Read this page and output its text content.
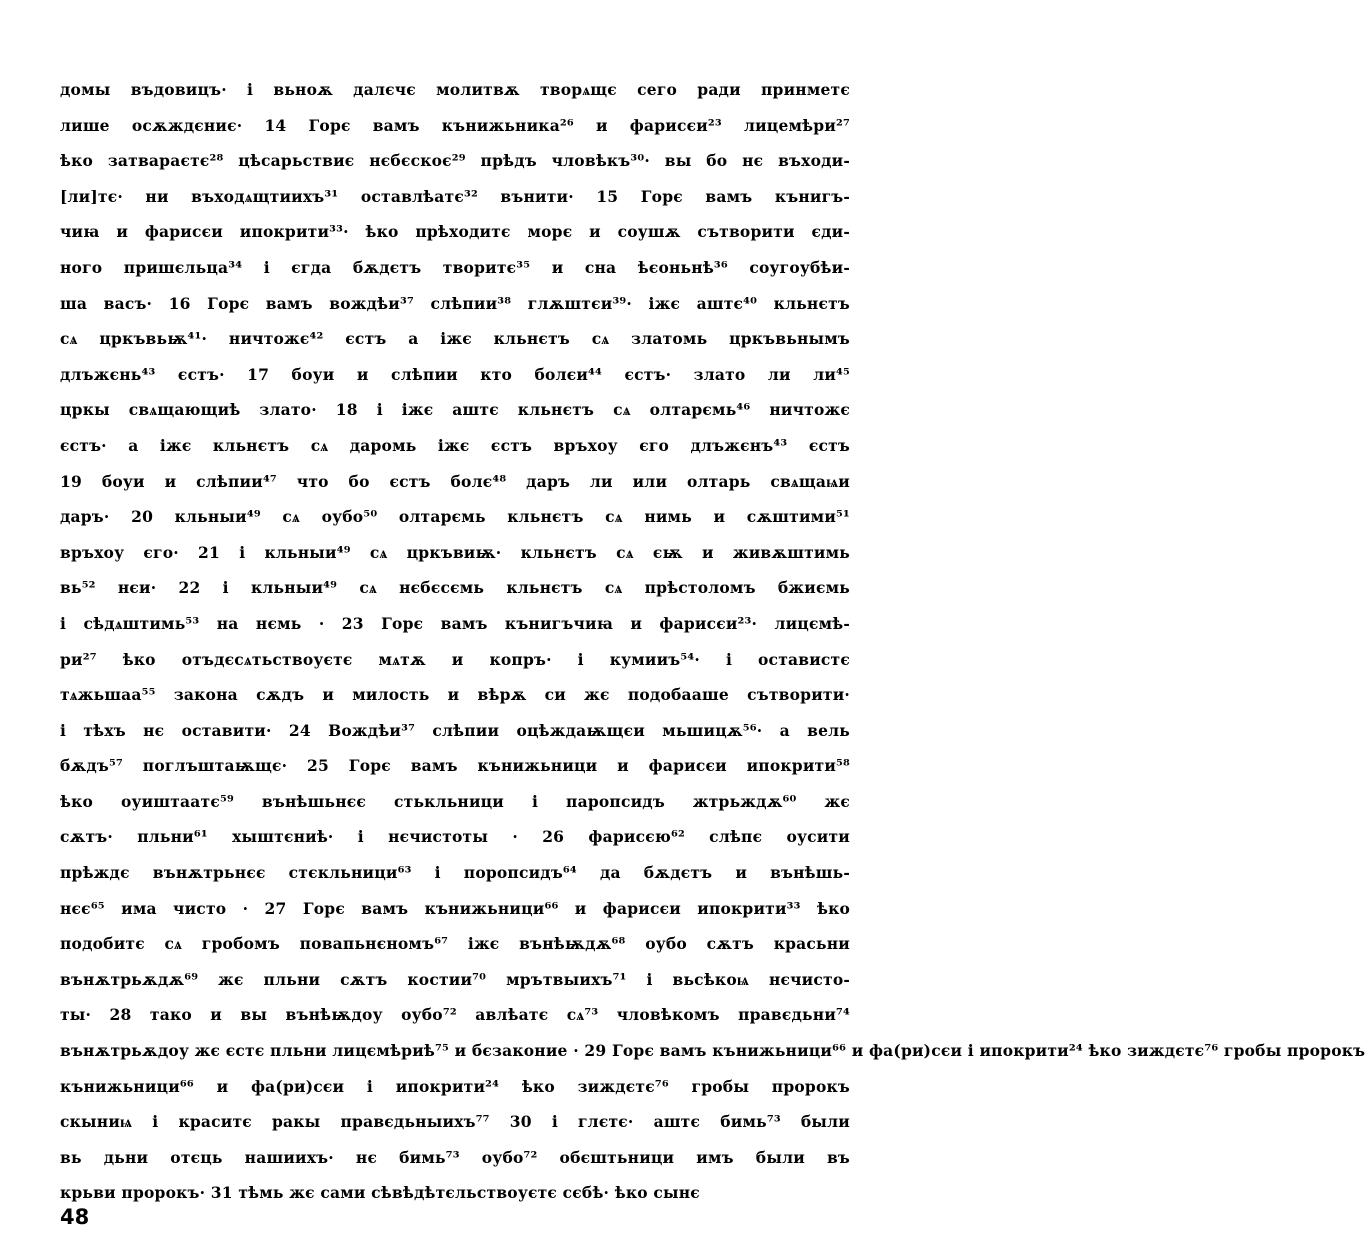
домы въдовицъ· і вьноѫ далєчє молитвѫ творѧщє сего ради принметє
лише осѫждєниє· 14 Горє вамъ кънижьника²⁶ и фарисєи²³ лицемѣри²⁷
ѣко затвараєтє²⁸ цѣсарьствиє нєбєскоє²⁹ прѣдъ чловѣкъ³⁰· вы бо нє въходи-
[ли]тє· ни въходѧщтиихъ³¹ оставлѣатє³² вънити· 15 Горє вамъ кънигъ-
чиꙗ и фарисєи ипокрити³³· ѣко прѣходитє морє и соушѫ сътворити єди-
ного пришєльца³⁴ і єгда бѫдєтъ творитє³⁵ и сна ѣєоньнѣ³⁶ соугоубѣи-
ша васъ· 16 Горє вамъ вождѣи³⁷ слѣпии³⁸ глѫштєи³⁹· іжє аштє⁴⁰ кльнєтъ
сѧ цркъвьѭ⁴¹· ничтожє⁴² єстъ а іжє кльнєтъ сѧ златомь цркъвьнымъ
длъжєнь⁴³ єстъ· 17 боуи и слѣпии кто болєи⁴⁴ єстъ· злато ли ли⁴⁵
цркы свѧщающиѣ злато· 18 і іжє аштє кльнєтъ сѧ олтарємь⁴⁶ ничтожє
єстъ· а іжє кльнєтъ сѧ даромь іжє єстъ връхоу єго длъжєнъ⁴³ єстъ
19 боуи и слѣпии⁴⁷ что бо єстъ болє⁴⁸ даръ ли или олтарь свѧщаѩи
даръ· 20 кльныи⁴⁹ сѧ оубо⁵⁰ олтарємь кльнєтъ сѧ нимь и сѫштими⁵¹
връхоу єго· 21 і кльныи⁴⁹ сѧ цркъвиѭ· кльнєтъ сѧ єѭ и живѫштимь
вь⁵² нєи· 22 і кльныи⁴⁹ сѧ нєбєсємь кльнєтъ сѧ прѣстоломъ бжиємь
і сѣдѧштимь⁵³ на нємь · 23 Горє вамъ кънигъчиꙗ и фарисєи²³· лицємѣ-
ри²⁷ ѣко отъдєсѧтьствоуєтє мѧтѫ и копръ· і кумииъ⁵⁴· і оставистє
тѧжьшаа⁵⁵ закона сѫдъ и милость и вѣрѫ си жє подобааше сътворити·
і тѣхъ нє оставити· 24 Вождѣи³⁷ слѣпии оцѣждаѭщєи мьшицѫ⁵⁶· а вель
бѫдъ⁵⁷ поглъштаѭщє· 25 Горє вамъ кънижьници и фарисєи ипокрити⁵⁸
ѣко оуиштаатє⁵⁹ вънѣшьнєє стькльници і паропсидъ жтрьждѫ⁶⁰ жє
сѫтъ· пльни⁶¹ хыштєниѣ· і нєчистоты · 26 фарисєю⁶² слѣпє оусити
прѣждє вънѫтрьнєє стєкльници⁶³ і поропсидъ⁶⁴ да бѫдєтъ и вънѣшь-
нєє⁶⁵ има чисто · 27 Горє вамъ кънижьници⁶⁶ и фарисєи ипокрити³³ ѣко
подобитє сѧ гробомъ повапьнєномъ⁶⁷ іжє вънѣѭдѫ⁶⁸ оубо сѫтъ красьни
вънѫтрьѫдѫ⁶⁹ жє пльни сѫтъ костии⁷⁰ мрътвыихъ⁷¹ і вьсѣкоѩ нєчисто-
ты· 28 тако и вы вънѣѭдоу оубо⁷² авлѣатє сѧ⁷³ чловѣкомъ правєдьни⁷⁴
вънѫтрьѫдоу жє єстє пльни лицємѣриѣ⁷⁵ и бєзаконие · 29 Горє вамъ кънижьници⁶⁶ и фа(ри)сєи і ипокрити²⁴ ѣко зиждєтє⁷⁶ гробы пророкъ
кънижьници⁶⁶ и фа(ри)сєи і ипокрити²⁴ ѣко зиждєтє⁷⁶ гробы пророкъ
скыниѩ і краситє ракы правєдьныихъ⁷⁷ 30 і глєтє· аштє бимь⁷³ были
вь дьни отєць нашиихъ· нє бимь⁷³ оубо⁷² обєштьници имъ были въ
крьви пророкъ· 31 тѣмь жє сами сѣвѣдѣтєльствоуєтє сєбѣ· ѣко сынє
48
